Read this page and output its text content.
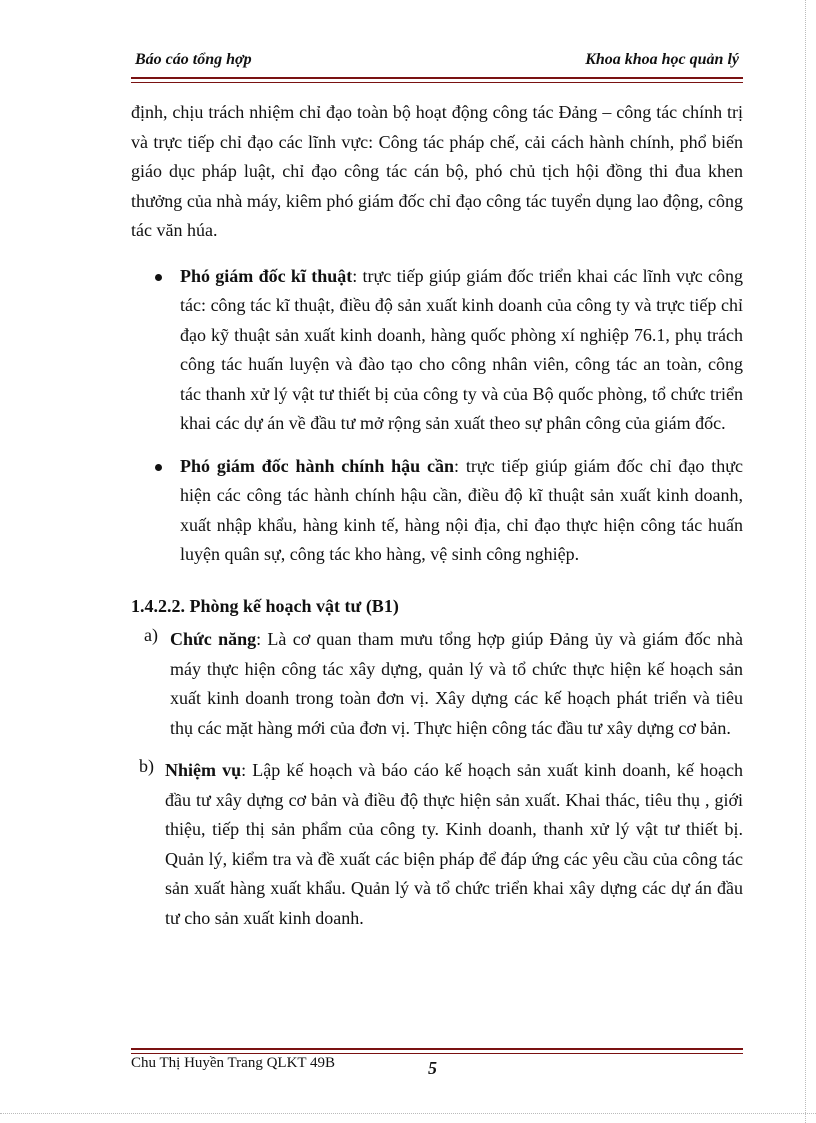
Báo cáo tổng hợp	Khoa khoa học quản lý

định, chịu trách nhiệm chỉ đạo toàn bộ hoạt động công tác Đảng – công tác chính trị và trực tiếp chỉ đạo các lĩnh vực: Công tác pháp chế, cải cách hành chính, phổ biến giáo dục pháp luật, chỉ đạo công tác cán bộ, phó chủ tịch hội đồng thi đua khen thưởng của nhà máy, kiêm phó giám đốc chỉ đạo công tác tuyển dụng lao động, công tác văn húa.

Phó giám đốc kĩ thuật: trực tiếp giúp giám đốc triển khai các lĩnh vực công tác: công tác kĩ thuật, điều độ sản xuất kinh doanh của công ty và trực tiếp chỉ đạo kỹ thuật sản xuất kinh doanh, hàng quốc phòng xí nghiệp 76.1, phụ trách công tác huấn luyện và đào tạo cho công nhân viên, công tác an toàn, công tác thanh xử lý vật tư thiết bị của công ty và của Bộ quốc phòng, tổ chức triển khai các dự án về đầu tư mở rộng sản xuất theo sự phân công của giám đốc.

Phó giám đốc hành chính hậu cần: trực tiếp giúp giám đốc chỉ đạo thực hiện các công tác hành chính hậu cần, điều độ kĩ thuật sản xuất kinh doanh, xuất nhập khẩu, hàng kinh tế, hàng nội địa, chỉ đạo thực hiện công tác huấn luyện quân sự, công tác kho hàng, vệ sinh công nghiệp.

1.4.2.2. Phòng kế hoạch vật tư (B1)
a) Chức năng: Là cơ quan tham mưu tổng hợp giúp Đảng ủy và giám đốc nhà máy thực hiện công tác xây dựng, quản lý và tổ chức thực hiện kế hoạch sản xuất kinh doanh trong toàn đơn vị. Xây dựng các kế hoạch phát triển và tiêu thụ các mặt hàng mới của đơn vị. Thực hiện công tác đầu tư xây dựng cơ bản.

b) Nhiệm vụ: Lập kế hoạch và báo cáo kế hoạch sản xuất kinh doanh, kế hoạch đầu tư xây dựng cơ bản và điều độ thực hiện sản xuất. Khai thác, tiêu thụ , giới thiệu, tiếp thị sản phẩm của công ty. Kinh doanh, thanh xử lý vật tư thiết bị. Quản lý, kiểm tra và đề xuất các biện pháp để đáp ứng các yêu cầu của công tác sản xuất hàng xuất khẩu. Quản lý và tổ chức triển khai xây dựng các dự án đầu tư cho sản xuất kinh doanh.

Chu Thị Huyền Trang QLKT 49B	5
